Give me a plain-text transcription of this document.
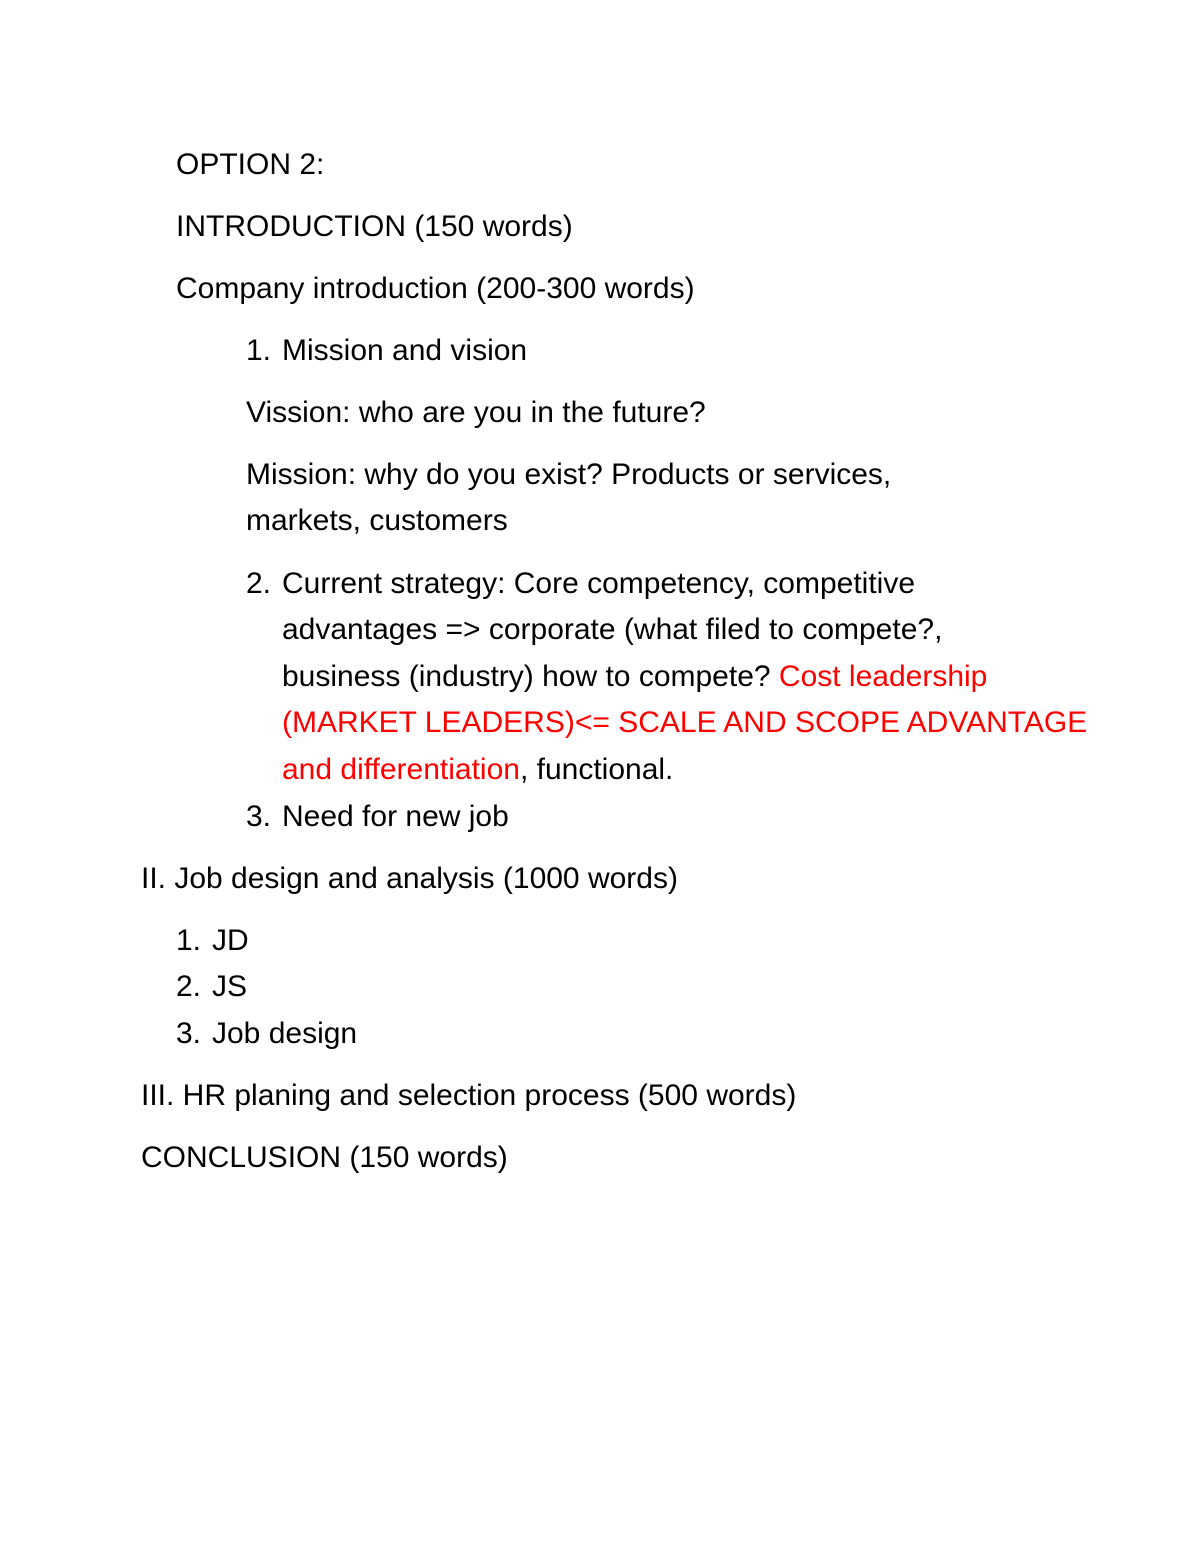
OPTION 2:
INTRODUCTION (150 words)
Company introduction (200-300 words)
1. Mission and vision
Vission: who are you in the future?
Mission: why do you exist? Products or services,
markets, customers
2. Current strategy: Core competency, competitive
advantages => corporate (what filed to compete?,
business (industry) how to compete? Cost leadership
(MARKET LEADERS)<= SCALE AND SCOPE ADVANTAGE
and differentiation, functional.
3. Need for new job
II. Job design and analysis (1000 words)
1. JD
2. JS
3. Job design
III. HR planing and selection process (500 words)
CONCLUSION (150 words)
